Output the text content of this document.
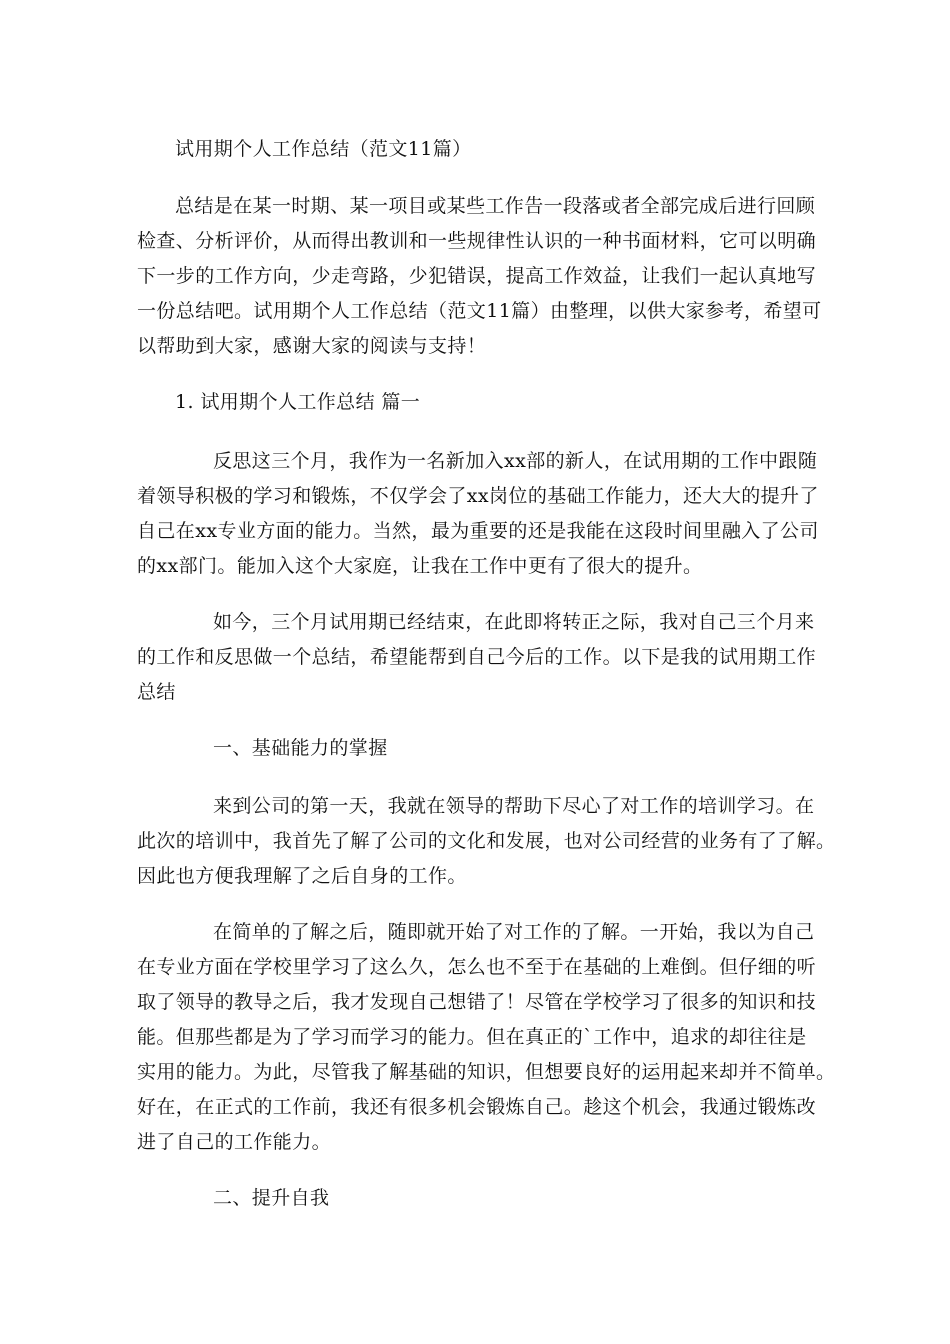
试用期个人工作总结（范文11篇）
总结是在某一时期、某一项目或某些工作告一段落或者全部完成后进行回顾
检查、分析评价，从而得出教训和一些规律性认识的一种书面材料，它可以明确
下一步的工作方向，少走弯路，少犯错误，提高工作效益，让我们一起认真地写
一份总结吧。试用期个人工作总结（范文11篇）由整理，以供大家参考，希望可
以帮助到大家，感谢大家的阅读与支持！
1. 试用期个人工作总结 篇一
反思这三个月，我作为一名新加入xx部的新人，在试用期的工作中跟随
着领导积极的学习和锻炼，不仅学会了xx岗位的基础工作能力，还大大的提升了
自己在xx专业方面的能力。当然，最为重要的还是我能在这段时间里融入了公司
的xx部门。能加入这个大家庭，让我在工作中更有了很大的提升。
如今，三个月试用期已经结束，在此即将转正之际，我对自己三个月来
的工作和反思做一个总结，希望能帮到自己今后的工作。以下是我的试用期工作
总结
一、基础能力的掌握
来到公司的第一天，我就在领导的帮助下尽心了对工作的培训学习。在
此次的培训中，我首先了解了公司的文化和发展，也对公司经营的业务有了了解。
因此也方便我理解了之后自身的工作。
在简单的了解之后，随即就开始了对工作的了解。一开始，我以为自己
在专业方面在学校里学习了这么久，怎么也不至于在基础的上难倒。但仔细的听
取了领导的教导之后，我才发现自己想错了！尽管在学校学习了很多的知识和技
能。但那些都是为了学习而学习的能力。但在真正的`工作中，追求的却往往是
实用的能力。为此，尽管我了解基础的知识，但想要良好的运用起来却并不简单。
好在，在正式的工作前，我还有很多机会锻炼自己。趁这个机会，我通过锻炼改
进了自己的工作能力。
二、提升自我
